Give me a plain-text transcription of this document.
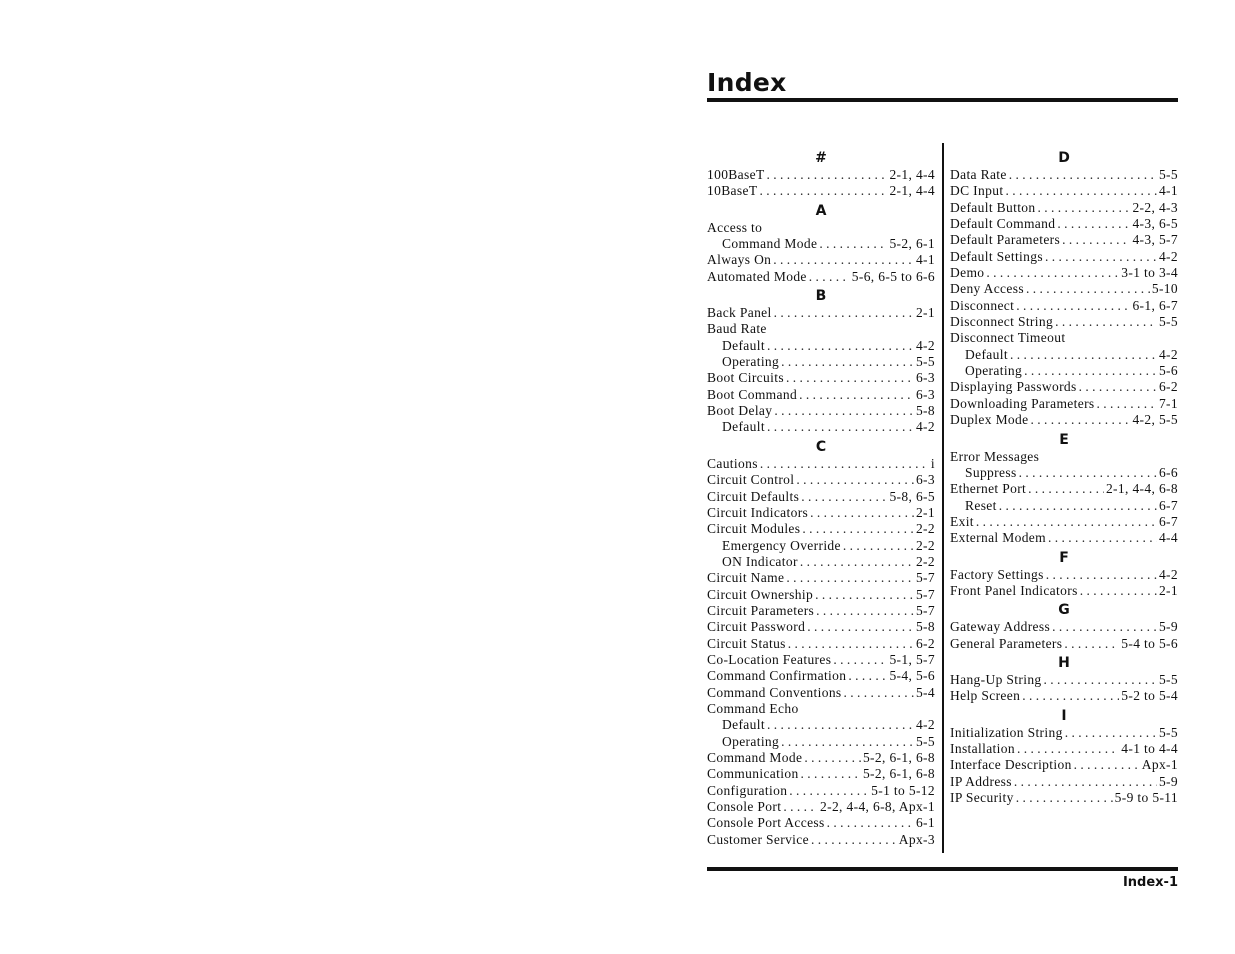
Index
#
100BaseT . . .	2-1, 4-4
10BaseT . . .	2-1, 4-4
A
Access to
Command Mode . . .	5-2, 6-1
Always On . . .	4-1
Automated Mode . . .	5-6, 6-5 to 6-6
B
Back Panel . . .	2-1
Baud Rate
Default . . .	4-2
Operating . . .	5-5
Boot Circuits . . .	6-3
Boot Command . . .	6-3
Boot Delay . . .	5-8
Default . . .	4-2
C
Cautions . . .	i
Circuit Control . . .	6-3
Circuit Defaults . . .	5-8, 6-5
Circuit Indicators . . .	2-1
Circuit Modules . . .	2-2
Emergency Override . . .	2-2
ON Indicator . . .	2-2
Circuit Name . . .	5-7
Circuit Ownership . . .	5-7
Circuit Parameters . . .	5-7
Circuit Password . . .	5-8
Circuit Status . . .	6-2
Co-Location Features . . .	5-1, 5-7
Command Confirmation . . .	5-4, 5-6
Command Conventions . . .	5-4
Command Echo
Default . . .	4-2
Operating . . .	5-5
Command Mode . . .	5-2, 6-1, 6-8
Communication . . .	5-2, 6-1, 6-8
Configuration . . .	5-1 to 5-12
Console Port . . .	2-2, 4-4, 6-8, Apx-1
Console Port Access . . .	6-1
Customer Service . . .	Apx-3
D
Data Rate . . .	5-5
DC Input . . .	4-1
Default Button . . .	2-2, 4-3
Default Command . . .	4-3, 6-5
Default Parameters . . .	4-3, 5-7
Default Settings . . .	4-2
Demo . . .	3-1 to 3-4
Deny Access . . .	5-10
Disconnect . . .	6-1, 6-7
Disconnect String . . .	5-5
Disconnect Timeout
Default . . .	4-2
Operating . . .	5-6
Displaying Passwords . . .	6-2
Downloading Parameters . . .	7-1
Duplex Mode . . .	4-2, 5-5
E
Error Messages
Suppress . . .	6-6
Ethernet Port . . .	2-1, 4-4, 6-8
Reset . . .	6-7
Exit . . .	6-7
External Modem . . .	4-4
F
Factory Settings . . .	4-2
Front Panel Indicators . . .	2-1
G
Gateway Address . . .	5-9
General Parameters . . .	5-4 to 5-6
H
Hang-Up String . . .	5-5
Help Screen . . .	5-2 to 5-4
I
Initialization String . . .	5-5
Installation . . .	4-1 to 4-4
Interface Description . . .	Apx-1
IP Address . . .	5-9
IP Security . . .	5-9 to 5-11
Index-1
